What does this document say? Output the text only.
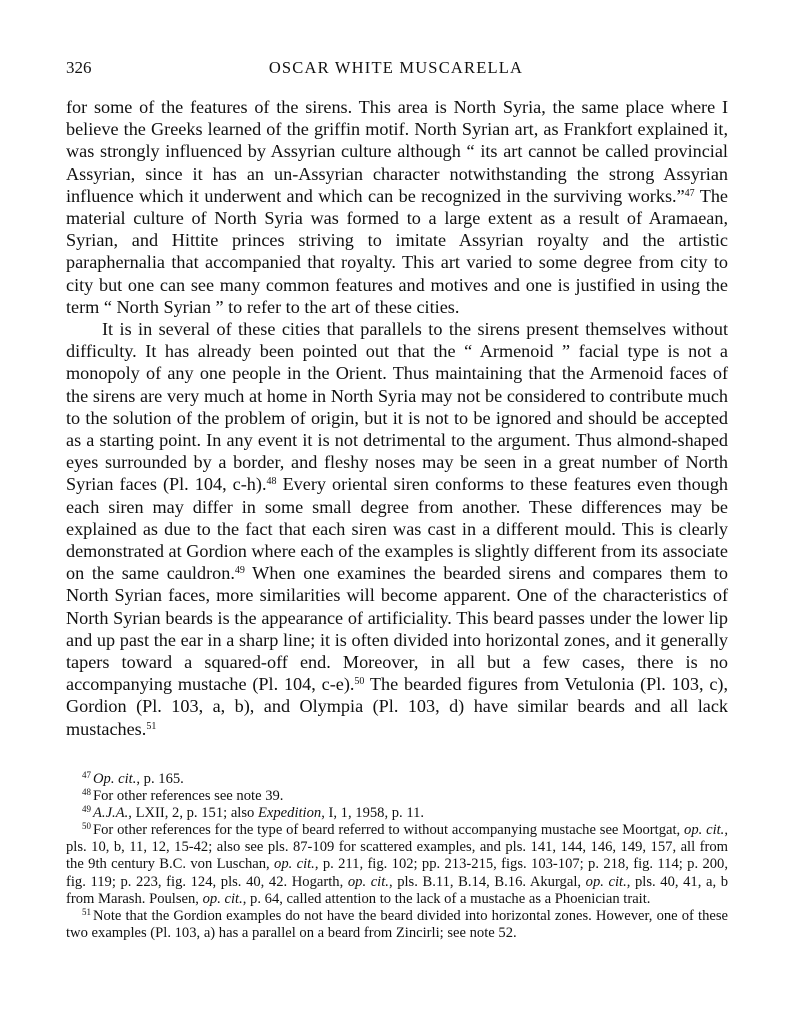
326	OSCAR WHITE MUSCARELLA

for some of the features of the sirens. This area is North Syria, the same place where I believe the Greeks learned of the griffin motif. North Syrian art, as Frankfort explained it, was strongly influenced by Assyrian culture although “ its art cannot be called provincial Assyrian, since it has an un-Assyrian character notwithstanding the strong Assyrian influence which it underwent and which can be recognized in the surviving works.”$^{47}$ The material culture of North Syria was formed to a large extent as a result of Aramaean, Syrian, and Hittite princes striving to imitate Assyrian royalty and the artistic paraphernalia that accompanied that royalty. This art varied to some degree from city to city but one can see many common features and motives and one is justified in using the term “ North Syrian ” to refer to the art of these cities.

It is in several of these cities that parallels to the sirens present themselves without difficulty. It has already been pointed out that the “ Armenoid ” facial type is not a monopoly of any one people in the Orient. Thus maintaining that the Armenoid faces of the sirens are very much at home in North Syria may not be considered to contribute much to the solution of the problem of origin, but it is not to be ignored and should be accepted as a starting point. In any event it is not detrimental to the argument. Thus almond-shaped eyes surrounded by a border, and fleshy noses may be seen in a great number of North Syrian faces (Pl. 104, c-h).$^{48}$ Every oriental siren conforms to these features even though each siren may differ in some small degree from another. These differences may be explained as due to the fact that each siren was cast in a different mould. This is clearly demonstrated at Gordion where each of the examples is slightly different from its associate on the same cauldron.$^{49}$ When one examines the bearded sirens and compares them to North Syrian faces, more similarities will become apparent. One of the characteristics of North Syrian beards is the appearance of artificiality. This beard passes under the lower lip and up past the ear in a sharp line; it is often divided into horizontal zones, and it generally tapers toward a squared-off end. Moreover, in all but a few cases, there is no accompanying mustache (Pl. 104, c-e).$^{50}$ The bearded figures from Vetulonia (Pl. 103, c), Gordion (Pl. 103, a, b), and Olympia (Pl. 103, d) have similar beards and all lack mustaches.$^{51}$

$^{47}$ Op. cit., p. 165.

$^{48}$ For other references see note 39.

$^{49}$ A.J.A., LXII, 2, p. 151; also Expedition, I, 1, 1958, p. 11.

$^{50}$ For other references for the type of beard referred to without accompanying mustache see Moortgat, op. cit., pls. 10, b, 11, 12, 15-42; also see pls. 87-109 for scattered examples, and pls. 141, 144, 146, 149, 157, all from the 9th century B.C. von Luschan, op. cit., p. 211, fig. 102; pp. 213-215, figs. 103-107; p. 218, fig. 114; p. 200, fig. 119; p. 223, fig. 124, pls. 40, 42. Hogarth, op. cit., pls. B.11, B.14, B.16. Akurgal, op. cit., pls. 40, 41, a, b from Marash. Poulsen, op. cit., p. 64, called attention to the lack of a mustache as a Phoenician trait.

$^{51}$ Note that the Gordion examples do not have the beard divided into horizontal zones. However, one of these two examples (Pl. 103, a) has a parallel on a beard from Zincirli; see note 52.
